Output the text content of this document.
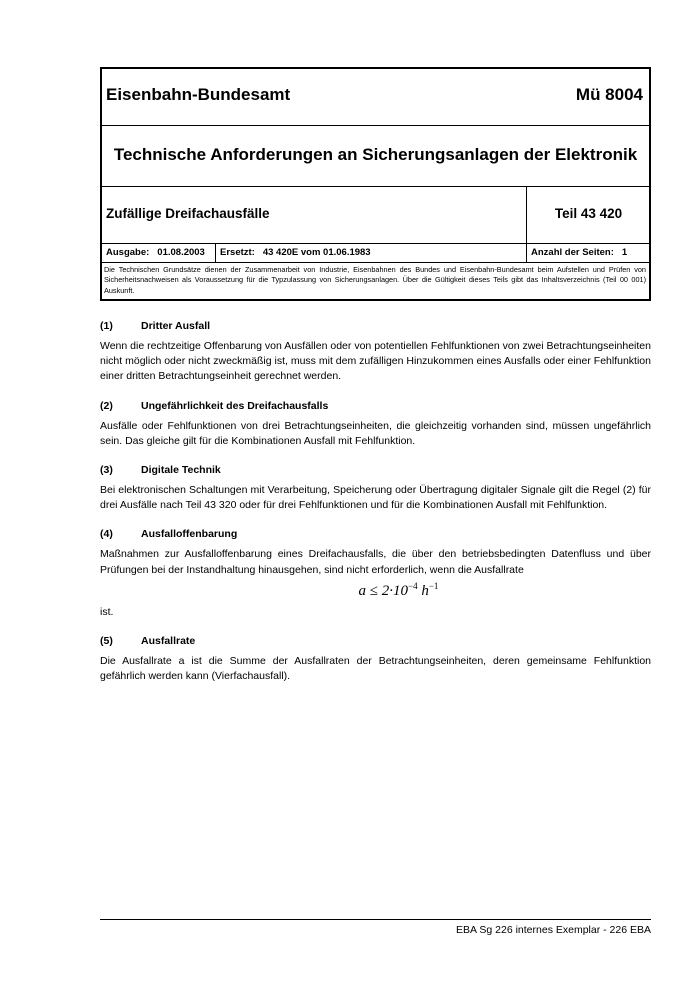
Eisenbahn-Bundesamt	Mü 8004
Technische Anforderungen an Sicherungsanlagen der Elektronik
Zufällige Dreifachausfälle	Teil 43 420
Ausgabe: 01.08.2003 Ersetzt: 43 420E vom 01.06.1983	Anzahl der Seiten: 1
Die Technischen Grundsätze dienen der Zusammenarbeit von Industrie, Eisenbahnen des Bundes und Eisenbahn-Bundesamt beim Aufstellen und Prüfen von Sicherheitsnachweisen als Voraussetzung für die Typzulassung von Sicherungsanlagen. Über die Gültigkeit dieses Teils gibt das Inhaltsverzeichnis (Teil 00 001) Auskunft.
(1)	Dritter Ausfall
Wenn die rechtzeitige Offenbarung von Ausfällen oder von potentiellen Fehlfunktionen von zwei Betrachtungseinheiten nicht möglich oder nicht zweckmäßig ist, muss mit dem zufälligen Hinzukommen eines Ausfalls oder einer Fehlfunktion einer dritten Betrachtungseinheit gerechnet werden.
(2)	Ungefährlichkeit des Dreifachausfalls
Ausfälle oder Fehlfunktionen von drei Betrachtungseinheiten, die gleichzeitig vorhanden sind, müssen ungefährlich sein. Das gleiche gilt für die Kombinationen Ausfall mit Fehlfunktion.
(3)	Digitale Technik
Bei elektronischen Schaltungen mit Verarbeitung, Speicherung oder Übertragung digitaler Signale gilt die Regel (2) für drei Ausfälle nach Teil 43 320 oder für drei Fehlfunktionen und für die Kombinationen Ausfall mit Fehlfunktion.
(4)	Ausfalloffenbarung
Maßnahmen zur Ausfalloffenbarung eines Dreifachausfalls, die über den betriebsbedingten Datenfluss und über Prüfungen bei der Instandhaltung hinausgehen, sind nicht erforderlich, wenn die Ausfallrate
$a \le 2\cdot 10^{-4}$ $h^{-1}$
ist.
(5)	Ausfallrate
Die Ausfallrate a ist die Summe der Ausfallraten der Betrachtungseinheiten, deren gemeinsame Fehlfunktion gefährlich werden kann (Vierfachausfall).
EBA Sg 226 internes Exemplar - 226 EBA
